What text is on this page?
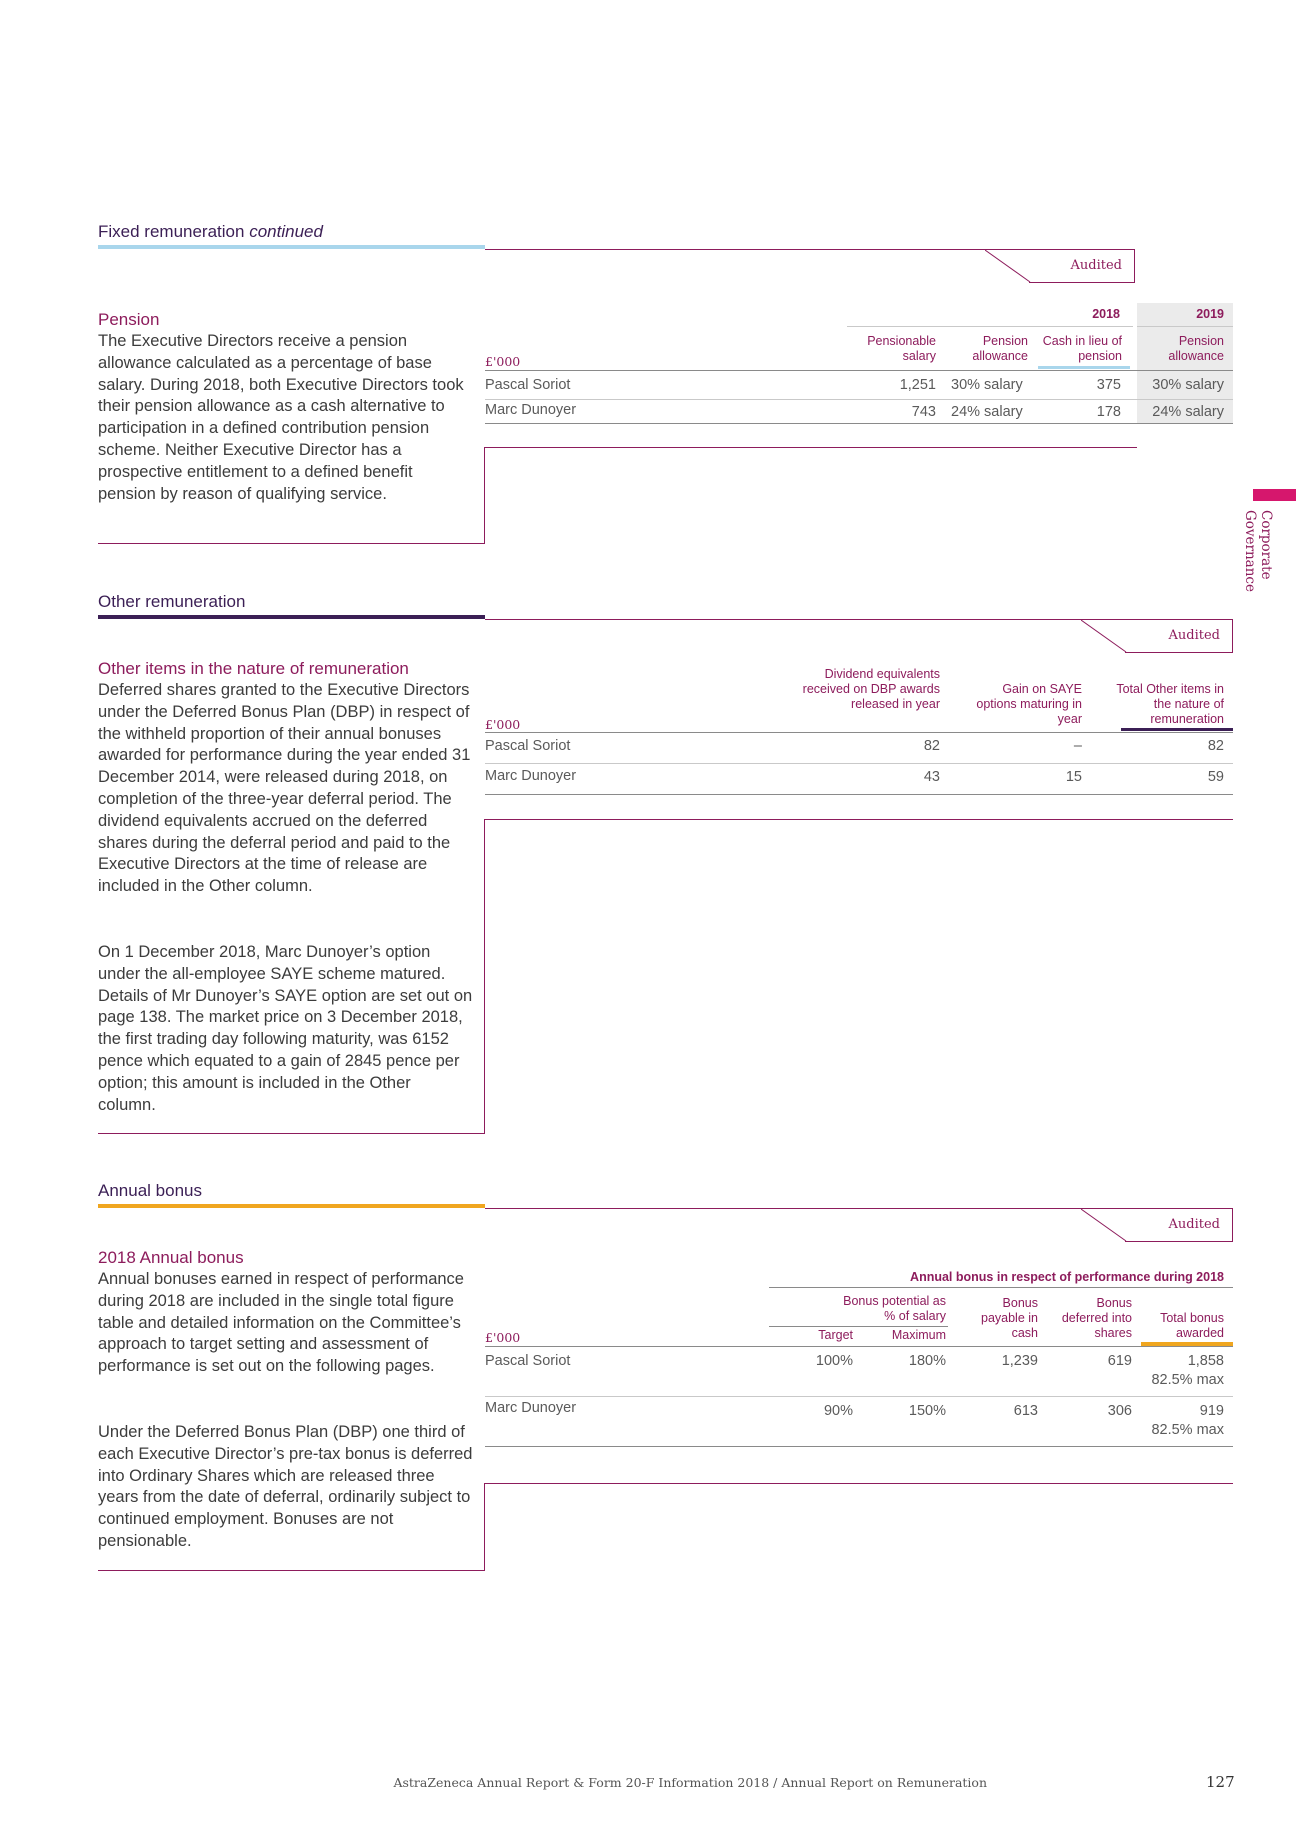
Fixed remuneration continued
Audited
Pension
The Executive Directors receive a pension allowance calculated as a percentage of base salary. During 2018, both Executive Directors took their pension allowance as a cash alternative to participation in a defined contribution pension scheme. Neither Executive Director has a prospective entitlement to a defined benefit pension by reason of qualifying service.
2018	2019
Pensionable salary
Pension allowance
Cash in lieu of pension
Pension allowance
£'000
Pascal Soriot	1,251 30% salary	375	30% salary
Marc Dunoyer	743 24% salary	178	24% salary
Other remuneration
Audited
Other items in the nature of remuneration
Deferred shares granted to the Executive Directors under the Deferred Bonus Plan (DBP) in respect of the withheld proportion of their annual bonuses awarded for performance during the year ended 31 December 2014, were released during 2018, on completion of the three-year deferral period. The dividend equivalents accrued on the deferred shares during the deferral period and paid to the Executive Directors at the time of release are included in the Other column.
On 1 December 2018, Marc Dunoyer’s option under the all-employee SAYE scheme matured. Details of Mr Dunoyer’s SAYE option are set out on page 138. The market price on 3 December 2018, the first trading day following maturity, was 6152 pence which equated to a gain of 2845 pence per option; this amount is included in the Other column.
Dividend equivalents received on DBP awards released in year
Gain on SAYE options maturing in year
Total Other items in the nature of remuneration
£'000
Pascal Soriot	82	–	82
Marc Dunoyer	43	15	59
Annual bonus
Audited
2018 Annual bonus
Annual bonuses earned in respect of performance during 2018 are included in the single total figure table and detailed information on the Committee’s approach to target setting and assessment of performance is set out on the following pages.
Under the Deferred Bonus Plan (DBP) one third of each Executive Director’s pre-tax bonus is deferred into Ordinary Shares which are released three years from the date of deferral, ordinarily subject to continued employment. Bonuses are not pensionable.
Annual bonus in respect of performance during 2018
Bonus potential as % of salary
Bonus payable in cash
Bonus deferred into shares
Total bonus awarded
Target	Maximum
£'000
Pascal Soriot	100%	180%	1,239	619	1,858
82.5% max
Marc Dunoyer	90%	150%	613	306	919
82.5% max
Corporate Governance
AstraZeneca Annual Report & Form 20-F Information 2018 / Annual Report on Remuneration	127
